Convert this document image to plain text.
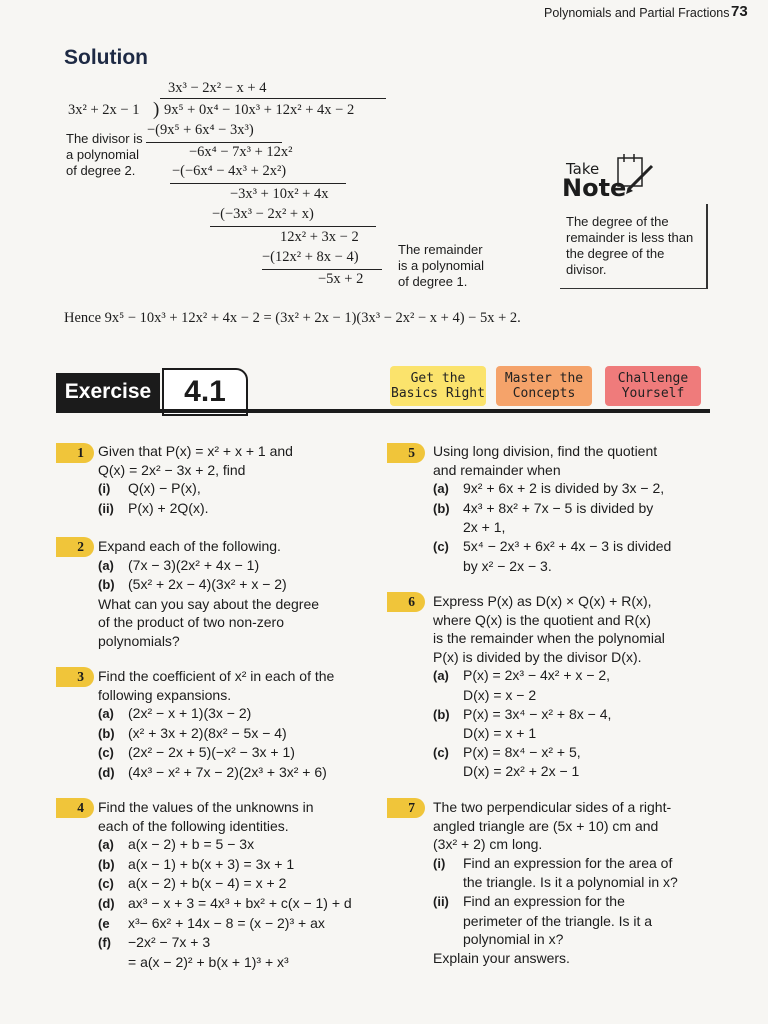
Polynomials and Partial Fractions 73
Solution
3x³ − 2x² − x + 4
3x² + 2x − 1 ) 9x⁵ + 0x⁴ − 10x³ + 12x² + 4x − 2
−(9x⁵ + 6x⁴ − 3x³)
−6x⁴ − 7x³ + 12x²
−(−6x⁴ − 4x³ + 2x²)
−3x³ + 10x² + 4x
−(−3x³ − 2x² + x)
12x² + 3x − 2
−(12x² + 8x − 4)
−5x + 2
The divisor is a polynomial of degree 2.
The remainder is a polynomial of degree 1.
Hence 9x⁵ − 10x³ + 12x² + 4x − 2 = (3x² + 2x − 1)(3x³ − 2x² − x + 4) − 5x + 2.
Take
Note
The degree of the remainder is less than the degree of the divisor.
Exercise	4.1	Get the Basics Right
Master the Concepts
Challenge Yourself
1	Given that P(x) = x² + x + 1 and
Q(x) = 2x² − 3x + 2, find
(i) Q(x) − P(x),
(ii) P(x) + 2Q(x).
2	Expand each of the following.
(a) (7x − 3)(2x² + 4x − 1)
(b) (5x² + 2x − 4)(3x² + x − 2)
What can you say about the degree
of the product of two non-zero
polynomials?
3	Find the coefficient of x² in each of the
following expansions.
(a) (2x² − x + 1)(3x − 2)
(b) (x² + 3x + 2)(8x² − 5x − 4)
(c) (2x² − 2x + 5)(−x² − 3x + 1)
(d) (4x³ − x² + 7x − 2)(2x³ + 3x² + 6)
4	Find the values of the unknowns in
each of the following identities.
(a) a(x − 2) + b = 5 − 3x
(b) a(x − 1) + b(x + 3) = 3x + 1
(c) a(x − 2) + b(x − 4) = x + 2
(d) ax³ − x + 3 = 4x³ + bx² + c(x − 1) + d
(e x³− 6x² + 14x − 8 = (x − 2)³ + ax
(f) −2x² − 7x + 3
= a(x − 2)² + b(x + 1)³ + x³
5	Using long division, find the quotient
and remainder when
(a) 9x² + 6x + 2 is divided by 3x − 2,
(b) 4x³ + 8x² + 7x − 5 is divided by
2x + 1,
(c) 5x⁴ − 2x³ + 6x² + 4x − 3 is divided
by x² − 2x − 3.
6	Express P(x) as D(x) × Q(x) + R(x),
where Q(x) is the quotient and R(x)
is the remainder when the polynomial
P(x) is divided by the divisor D(x).
(a) P(x) = 2x³ − 4x² + x − 2,
D(x) = x − 2
(b) P(x) = 3x⁴ − x² + 8x − 4,
D(x) = x + 1
(c) P(x) = 8x⁴ − x² + 5,
D(x) = 2x² + 2x − 1
7	The two perpendicular sides of a right-
angled triangle are (5x + 10) cm and
(3x² + 2) cm long.
(i) Find an expression for the area of
the triangle. Is it a polynomial in x?
(ii) Find an expression for the
perimeter of the triangle. Is it a
polynomial in x?
Explain your answers.
